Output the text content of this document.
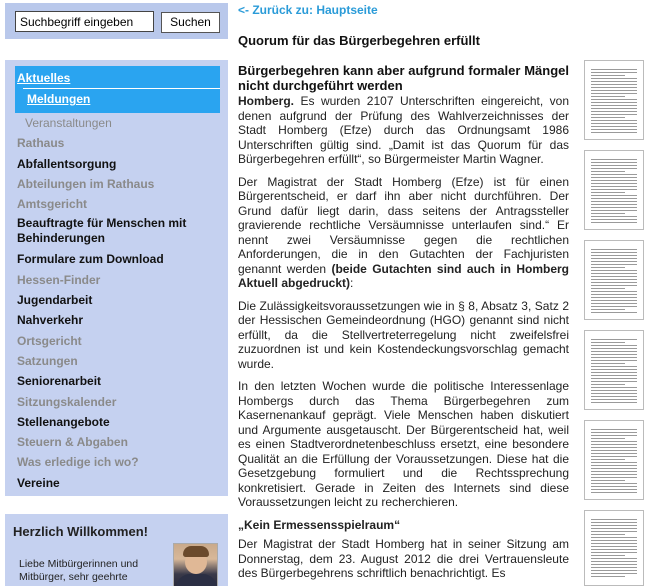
Suchbegriff eingeben
Suchen
Aktuelles
Meldungen
Veranstaltungen
Rathaus
Abfallentsorgung
Abteilungen im Rathaus
Amtsgericht
Beauftragte für Menschen mit Behinderungen
Formulare zum Download
Hessen-Finder
Jugendarbeit
Nahverkehr
Ortsgericht
Satzungen
Seniorenarbeit
Sitzungskalender
Stellenangebote
Steuern & Abgaben
Was erledige ich wo?
Vereine
Herzlich Willkommen!
Liebe Mitbürgerinnen und Mitbürger, sehr geehrte
<- Zurück zu: Hauptseite
Quorum für das Bürgerbegehren erfüllt
Bürgerbegehren kann aber aufgrund formaler Mängel nicht durchgeführt werden

Homberg. Es wurden 2107 Unterschriften eingereicht, von denen aufgrund der Prüfung des Wahlverzeichnisses der Stadt Homberg (Efze) durch das Ordnungsamt 1986 Unterschriften gültig sind. „Damit ist das Quorum für das Bürgerbegehren erfüllt“, so Bürgermeister Martin Wagner.

Der Magistrat der Stadt Homberg (Efze) ist für einen Bürgerentscheid, er darf ihn aber nicht durchführen. Der Grund dafür liegt darin, dass seitens der Antragssteller gravierende rechtliche Versäumnisse unterlaufen sind.“ Er nennt zwei Versäumnisse gegen die rechtlichen Anforderungen, die in den Gutachten der Fachjuristen genannt werden (beide Gutachten sind auch in Homberg Aktuell abgedruckt):

Die Zulässigkeitsvoraussetzungen wie in § 8, Absatz 3, Satz 2 der Hessischen Gemeindeordnung (HGO) genannt sind nicht erfüllt, da die Stellvertreterregelung nicht zweifelsfrei zuzuordnen ist und kein Kostendeckungsvorschlag gemacht wurde.

In den letzten Wochen wurde die politische Interessenlage Hombergs durch das Thema Bürgerbegehren zum Kasernenankauf geprägt. Viele Menschen haben diskutiert und Argumente ausgetauscht. Der Bürgerentscheid hat, weil es einen Stadtverordnetenbeschluss ersetzt, eine besondere Qualität an die Erfüllung der Voraussetzungen. Diese hat die Gesetzgebung formuliert und die Rechtssprechung konkretisiert. Gerade in Zeiten des Internets sind diese Voraussetzungen leicht zu recherchieren.

„Kein Ermessensspielraum“

Der Magistrat der Stadt Homberg hat in seiner Sitzung am Donnerstag, dem 23. August 2012 die drei Vertrauensleute des Bürgerbegehrens schriftlich benachrichtigt. Es
